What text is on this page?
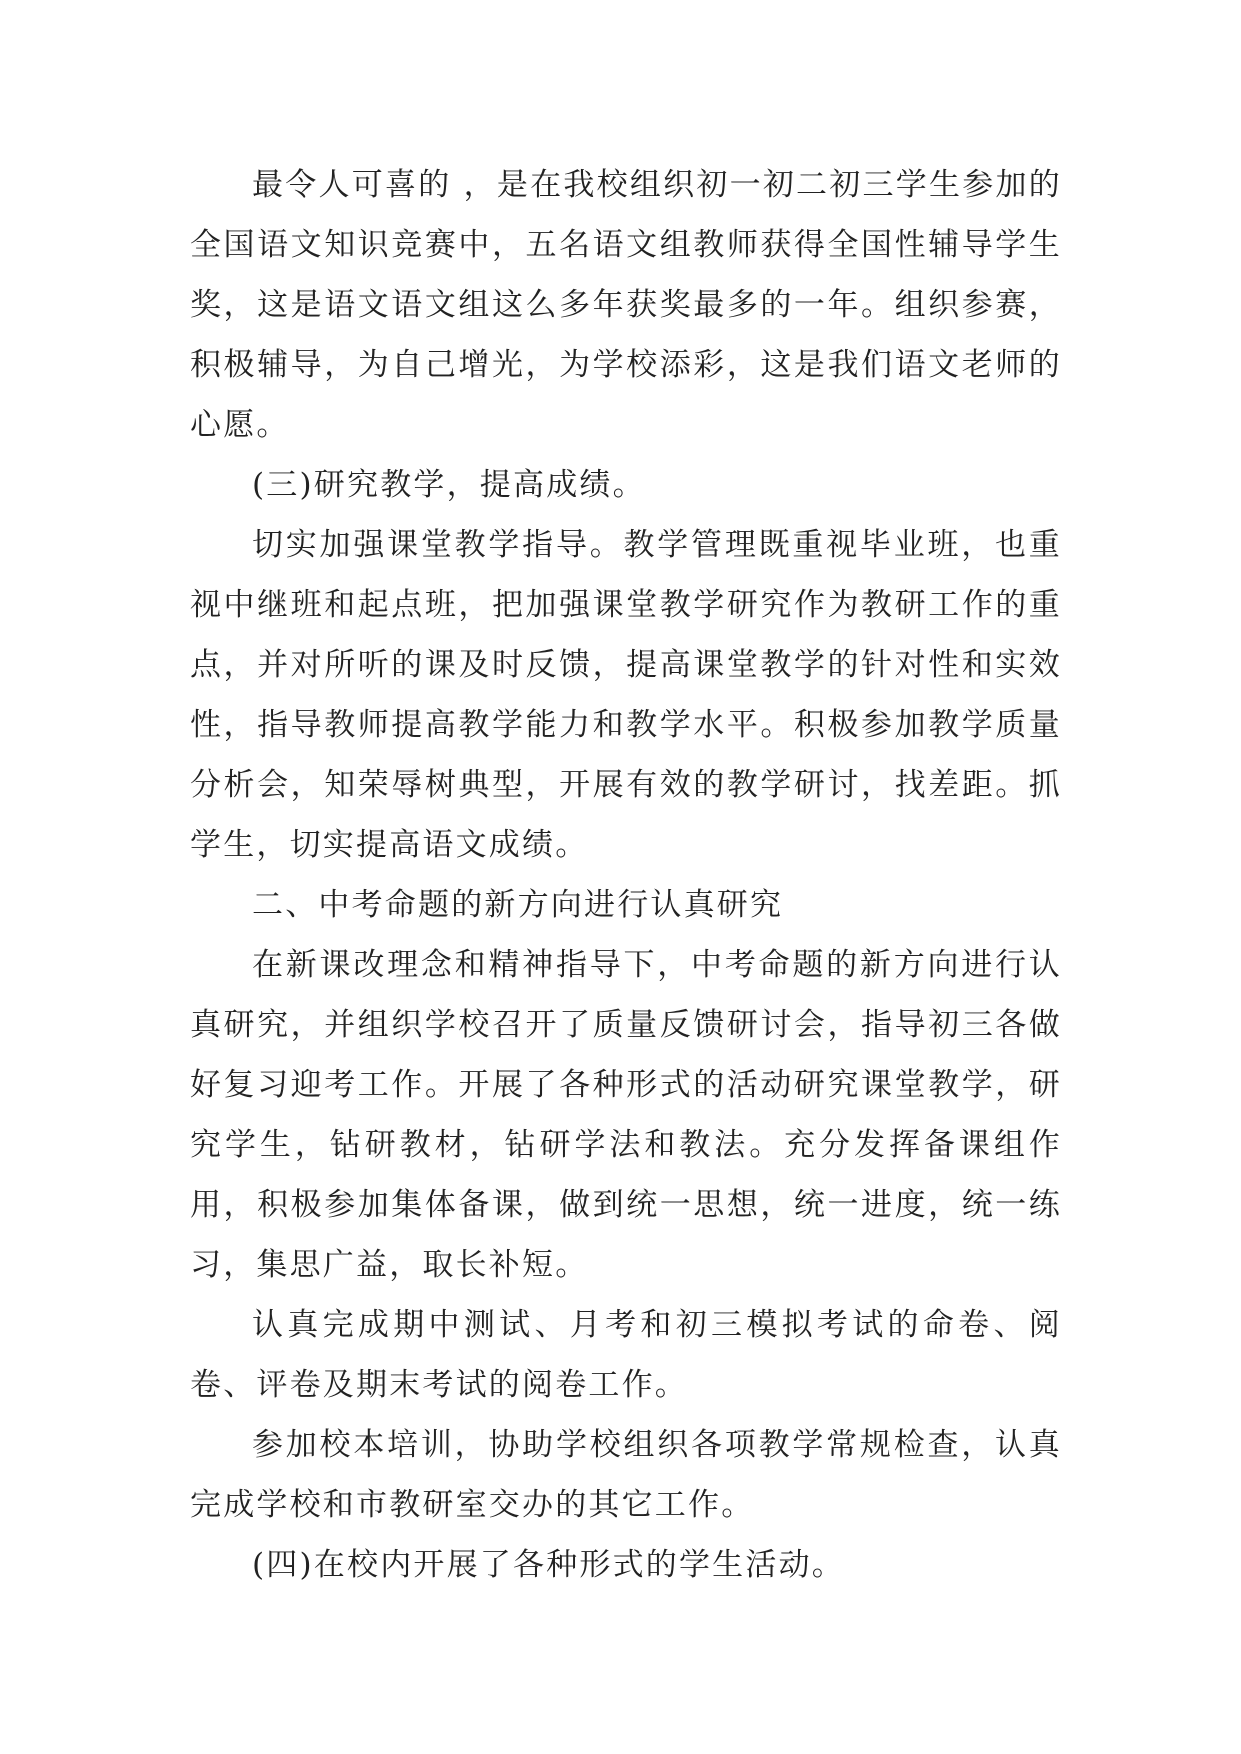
最令人可喜的 ，是在我校组织初一初二初三学生参加的全国语文知识竞赛中，五名语文组教师获得全国性辅导学生奖，这是语文语文组这么多年获奖最多的一年。组织参赛，积极辅导，为自己增光，为学校添彩，这是我们语文老师的心愿。

(三)研究教学，提高成绩。

切实加强课堂教学指导。教学管理既重视毕业班，也重视中继班和起点班，把加强课堂教学研究作为教研工作的重点，并对所听的课及时反馈，提高课堂教学的针对性和实效性，指导教师提高教学能力和教学水平。积极参加教学质量分析会，知荣辱树典型，开展有效的教学研讨，找差距。抓学生，切实提高语文成绩。

二、中考命题的新方向进行认真研究

在新课改理念和精神指导下，中考命题的新方向进行认真研究，并组织学校召开了质量反馈研讨会，指导初三各做好复习迎考工作。开展了各种形式的活动研究课堂教学，研究学生，钻研教材，钻研学法和教法。充分发挥备课组作用，积极参加集体备课，做到统一思想，统一进度，统一练习，集思广益，取长补短。

认真完成期中测试、月考和初三模拟考试的命卷、阅卷、评卷及期末考试的阅卷工作。

参加校本培训，协助学校组织各项教学常规检查，认真完成学校和市教研室交办的其它工作。

(四)在校内开展了各种形式的学生活动。
